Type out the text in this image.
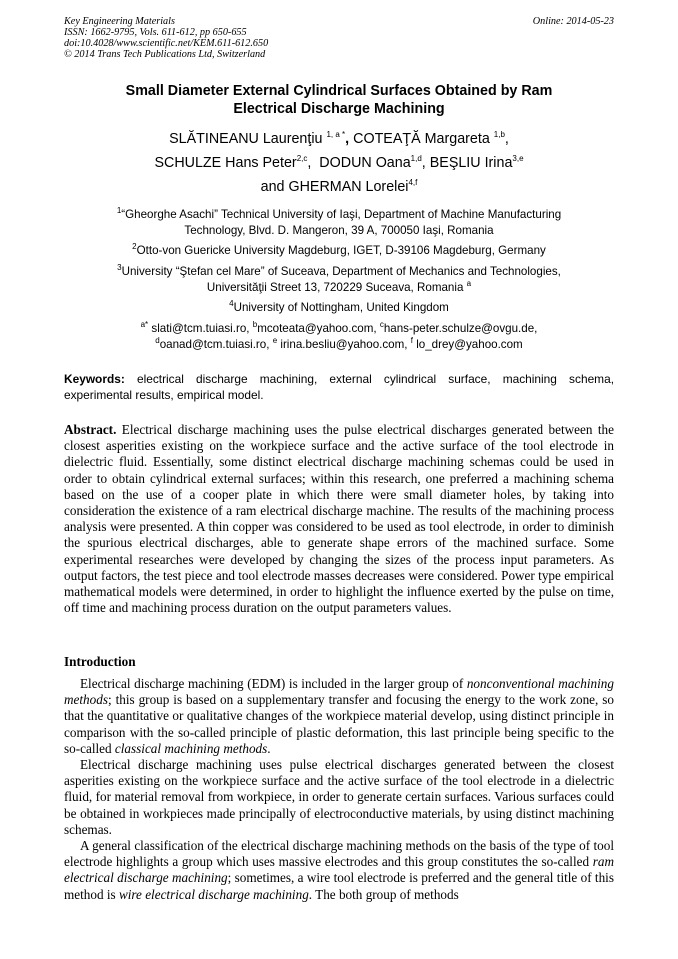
Key Engineering Materials
ISSN: 1662-9795, Vols. 611-612, pp 650-655
doi:10.4028/www.scientific.net/KEM.611-612.650
© 2014 Trans Tech Publications Ltd, Switzerland
Online: 2014-05-23
Small Diameter External Cylindrical Surfaces Obtained by Ram
Electrical Discharge Machining
SLĂTINEANU Laurenţiu $^{1, a *}$, COTEAŢĂ Margareta $^{1,b}$,
SCHULZE Hans Peter$^{2,c}$,  DODUN Oana$^{1,d}$, BEŞLIU Irina$^{3,e}$
and GHERMAN Lorelei$^{4,f}$
$^1$“Gheorghe Asachi” Technical University of Iaşi, Department of Machine Manufacturing
Technology, Blvd. D. Mangeron, 39 A, 700050 Iaşi, Romania
$^2$Otto-von Guericke University Magdeburg, IGET, D-39106 Magdeburg, Germany
$^3$University “Ştefan cel Mare” of Suceava, Department of Mechanics and Technologies,
Universităţii Street 13, 720229 Suceava, Romania $^a$
$^4$University of Nottingham, United Kingdom
$^{a*}$ slati@tcm.tuiasi.ro, $^b$mcoteata@yahoo.com, $^c$hans-peter.schulze@ovgu.de,
$^d$oanad@tcm.tuiasi.ro, $^e$ irina.besliu@yahoo.com, $^f$ lo_drey@yahoo.com
Keywords: electrical discharge machining, external cylindrical surface, machining schema, experimental results, empirical model.
Abstract. Electrical discharge machining uses the pulse electrical discharges generated between the closest asperities existing on the workpiece surface and the active surface of the tool electrode in dielectric fluid. Essentially, some distinct electrical discharge machining schemas could be used in order to obtain cylindrical external surfaces; within this research, one preferred a machining schema based on the use of a cooper plate in which there were small diameter holes, by taking into consideration the existence of a ram electrical discharge machine. The results of the machining process analysis were presented. A thin copper was considered to be used as tool electrode, in order to diminish the spurious electrical discharges, able to generate shape errors of the machined surface. Some experimental researches were developed by changing the sizes of the process input parameters. As output factors, the test piece and tool electrode masses decreases were considered. Power type empirical mathematical models were determined, in order to highlight the influence exerted by the pulse on time, off time and machining process duration on the output parameters values.
Introduction

Electrical discharge machining (EDM) is included in the larger group of nonconventional machining methods; this group is based on a supplementary transfer and focusing the energy to the work zone, so that the quantitative or qualitative changes of the workpiece material develop, using distinct principle in comparison with the so-called principle of plastic deformation, this last principle being specific to the so-called classical machining methods.

Electrical discharge machining uses pulse electrical discharges generated between the closest asperities existing on the workpiece surface and the active surface of the tool electrode in a dielectric fluid, for material removal from workpiece, in order to generate certain surfaces. Various surfaces could be obtained in workpieces made principally of electroconductive materials, by using distinct machining schemas.

A general classification of the electrical discharge machining methods on the basis of the type of tool electrode highlights a group which uses massive electrodes and this group constitutes the so-called ram electrical discharge machining; sometimes, a wire tool electrode is preferred and the general title of this method is wire electrical discharge machining. The both group of methods
